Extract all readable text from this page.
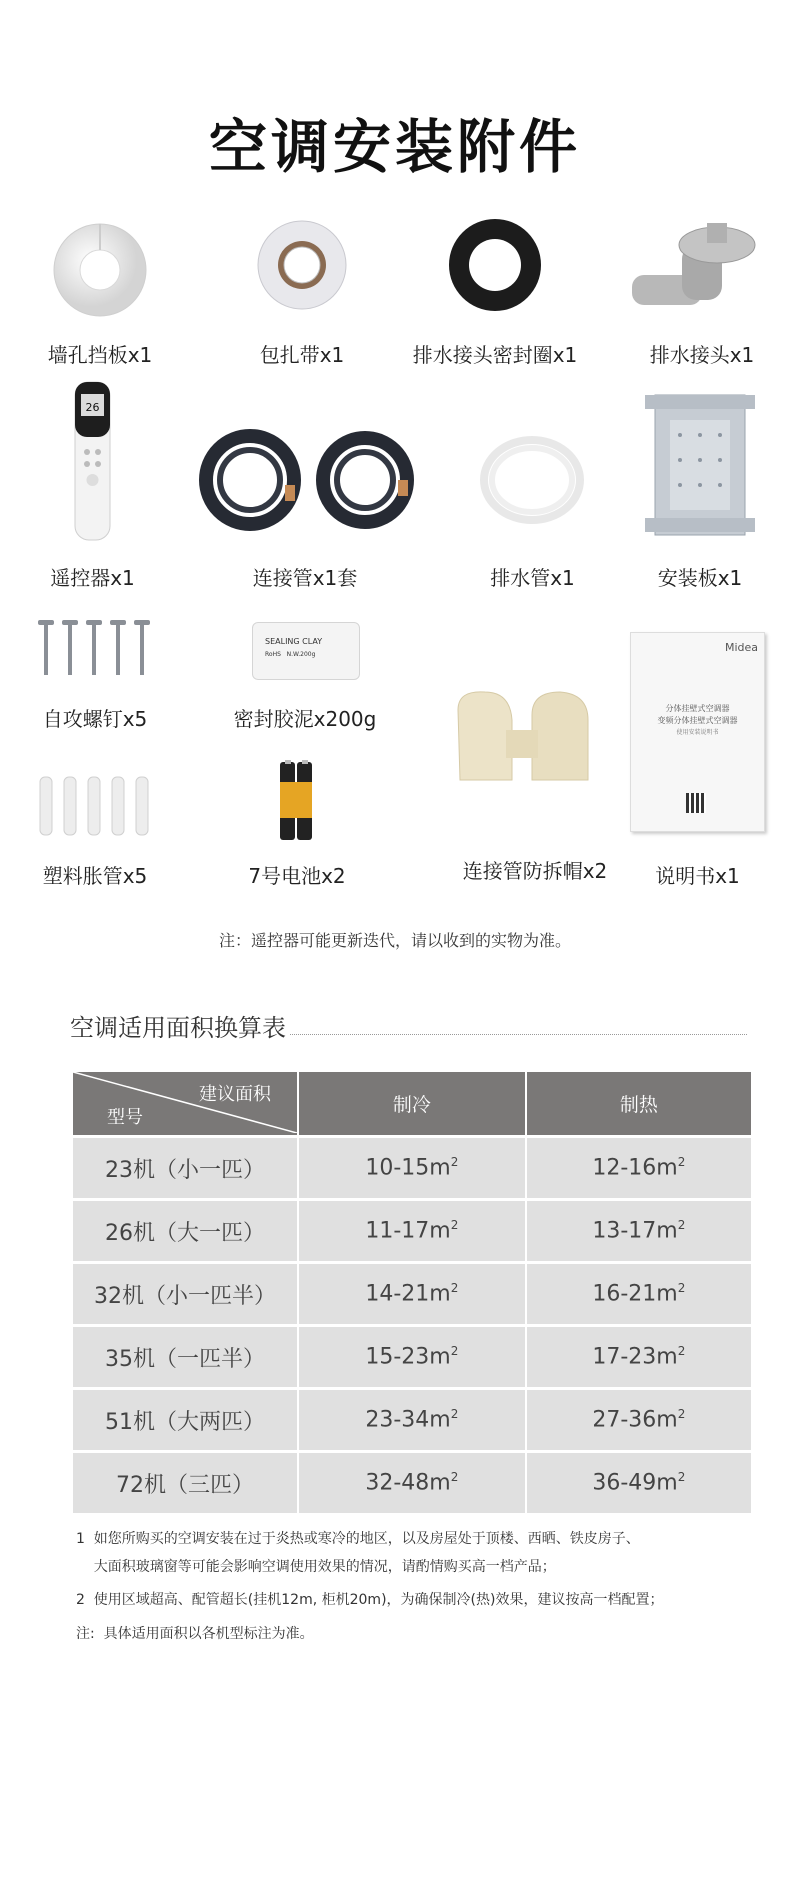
空调安装附件
墙孔挡板x1	包扎带x1	排水接头密封圈x1	排水接头x1
26
遥控器x1	连接管x1套	排水管x1	安装板x1
自攻螺钉x5
SEALING CLAY
RoHS   N.W.200g
密封胶泥x200g
连接管防拆帽x2
Midea
分体挂壁式空调器
变频分体挂壁式空调器
使用安装说明书
说明书x1
塑料胀管x5	7号电池x2
注：遥控器可能更新迭代，请以收到的实物为准。
空调适用面积换算表
建议面积
型号	制冷	制热
23机（小一匹）	$10-15m^2$	$12-16m^2$
26机（大一匹）	$11-17m^2$	$13-17m^2$
32机（小一匹半）	$14-21m^2$	$16-21m^2$
35机（一匹半）	$15-23m^2$	$17-23m^2$
51机（大两匹）	$23-34m^2$	$27-36m^2$
72机（三匹）	$32-48m^2$	$36-49m^2$
1  如您所购买的空调安装在过于炎热或寒冷的地区，以及房屋处于顶楼、西晒、铁皮房子、
大面积玻璃窗等可能会影响空调使用效果的情况，请酌情购买高一档产品；
2  使用区域超高、配管超长(挂机12m, 柜机20m)，为确保制冷(热)效果，建议按高一档配置；
注:  具体适用面积以各机型标注为准。
